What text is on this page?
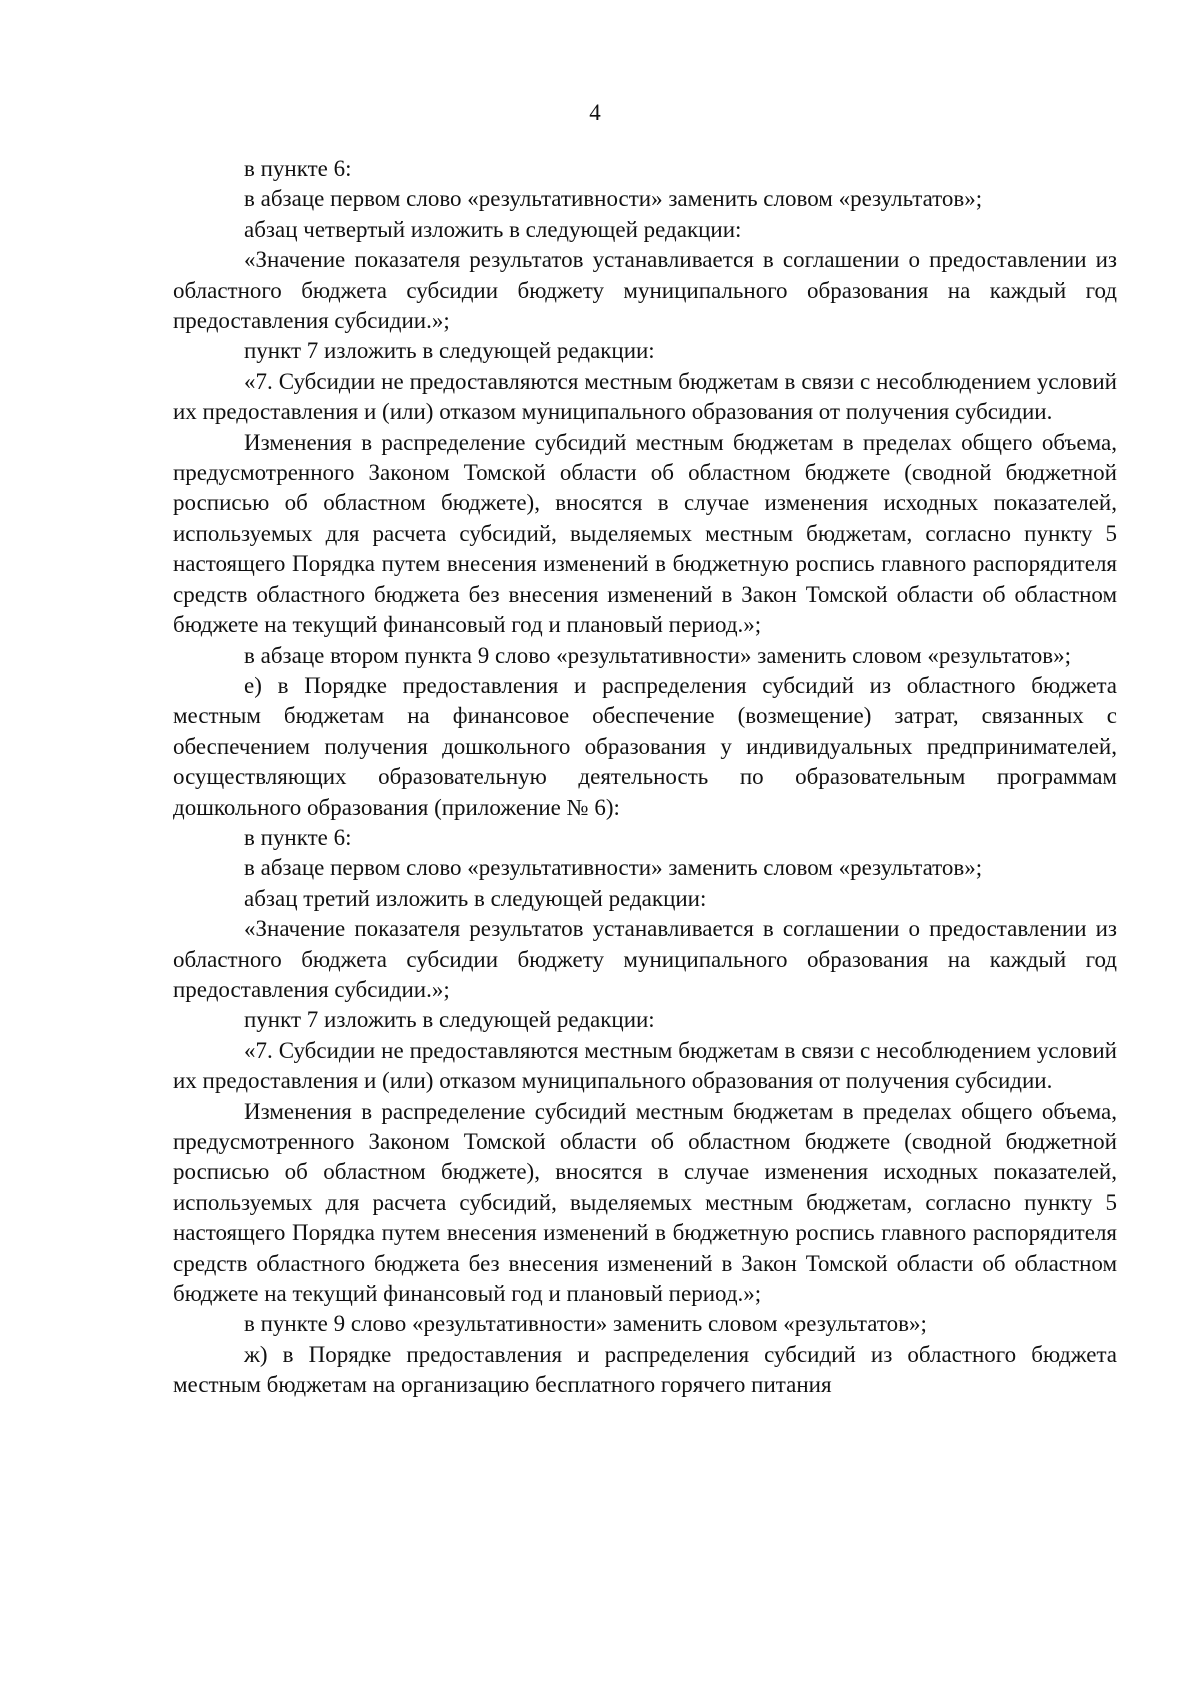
4

в пункте 6:

в абзаце первом слово «результативности» заменить словом «результатов»;

абзац четвертый изложить в следующей редакции:

«Значение показателя результатов устанавливается в соглашении о предоставлении из областного бюджета субсидии бюджету муниципального образования на каждый год предоставления субсидии.»;

пункт 7 изложить в следующей редакции:

«7. Субсидии не предоставляются местным бюджетам в связи с несоблюдением условий их предоставления и (или) отказом муниципального образования от получения субсидии.

Изменения в распределение субсидий местным бюджетам в пределах общего объема, предусмотренного Законом Томской области об областном бюджете (сводной бюджетной росписью об областном бюджете), вносятся в случае изменения исходных показателей, используемых для расчета субсидий, выделяемых местным бюджетам, согласно пункту 5 настоящего Порядка путем внесения изменений в бюджетную роспись главного распорядителя средств областного бюджета без внесения изменений в Закон Томской области об областном бюджете на текущий финансовый год и плановый период.»;

в абзаце втором пункта 9 слово «результативности» заменить словом «результатов»;

е) в Порядке предоставления и распределения субсидий из областного бюджета местным бюджетам на финансовое обеспечение (возмещение) затрат, связанных с обеспечением получения дошкольного образования у индивидуальных предпринимателей, осуществляющих образовательную деятельность по образовательным программам дошкольного образования (приложение № 6):

в пункте 6:

в абзаце первом слово «результативности» заменить словом «результатов»;

абзац третий изложить в следующей редакции:

«Значение показателя результатов устанавливается в соглашении о предоставлении из областного бюджета субсидии бюджету муниципального образования на каждый год предоставления субсидии.»;

пункт 7 изложить в следующей редакции:

«7. Субсидии не предоставляются местным бюджетам в связи с несоблюдением условий их предоставления и (или) отказом муниципального образования от получения субсидии.

Изменения в распределение субсидий местным бюджетам в пределах общего объема, предусмотренного Законом Томской области об областном бюджете (сводной бюджетной росписью об областном бюджете), вносятся в случае изменения исходных показателей, используемых для расчета субсидий, выделяемых местным бюджетам, согласно пункту 5 настоящего Порядка путем внесения изменений в бюджетную роспись главного распорядителя средств областного бюджета без внесения изменений в Закон Томской области об областном бюджете на текущий финансовый год и плановый период.»;

в пункте 9 слово «результативности» заменить словом «результатов»;

ж) в Порядке предоставления и распределения субсидий из областного бюджета местным бюджетам на организацию бесплатного горячего питания
